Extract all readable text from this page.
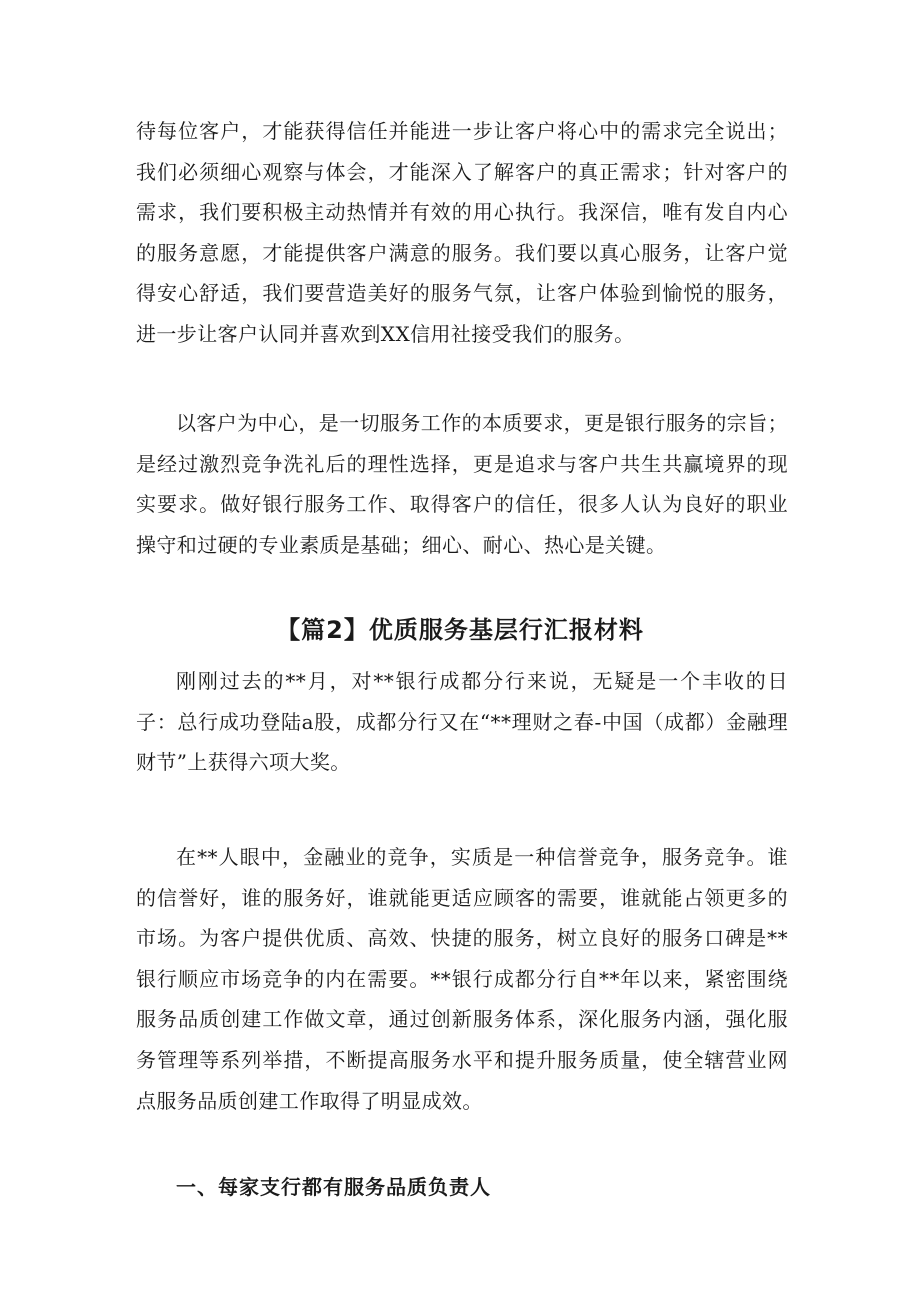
待每位客户，才能获得信任并能进一步让客户将心中的需求完全说出；我们必须细心观察与体会，才能深入了解客户的真正需求；针对客户的需求，我们要积极主动热情并有效的用心执行。我深信，唯有发自内心的服务意愿，才能提供客户满意的服务。我们要以真心服务，让客户觉得安心舒适，我们要营造美好的服务气氛，让客户体验到愉悦的服务，进一步让客户认同并喜欢到XX信用社接受我们的服务。

以客户为中心，是一切服务工作的本质要求，更是银行服务的宗旨；是经过激烈竞争洗礼后的理性选择，更是追求与客户共生共赢境界的现实要求。做好银行服务工作、取得客户的信任，很多人认为良好的职业操守和过硬的专业素质是基础；细心、耐心、热心是关键。

【篇2】优质服务基层行汇报材料

刚刚过去的**月，对**银行成都分行来说，无疑是一个丰收的日子：总行成功登陆a股，成都分行又在“**理财之春-中国（成都）金融理财节”上获得六项大奖。

在**人眼中，金融业的竞争，实质是一种信誉竞争，服务竞争。谁的信誉好，谁的服务好，谁就能更适应顾客的需要，谁就能占领更多的市场。为客户提供优质、高效、快捷的服务，树立良好的服务口碑是**银行顺应市场竞争的内在需要。**银行成都分行自**年以来，紧密围绕服务品质创建工作做文章，通过创新服务体系，深化服务内涵，强化服务管理等系列举措，不断提高服务水平和提升服务质量，使全辖营业网点服务品质创建工作取得了明显成效。

一、每家支行都有服务品质负责人
